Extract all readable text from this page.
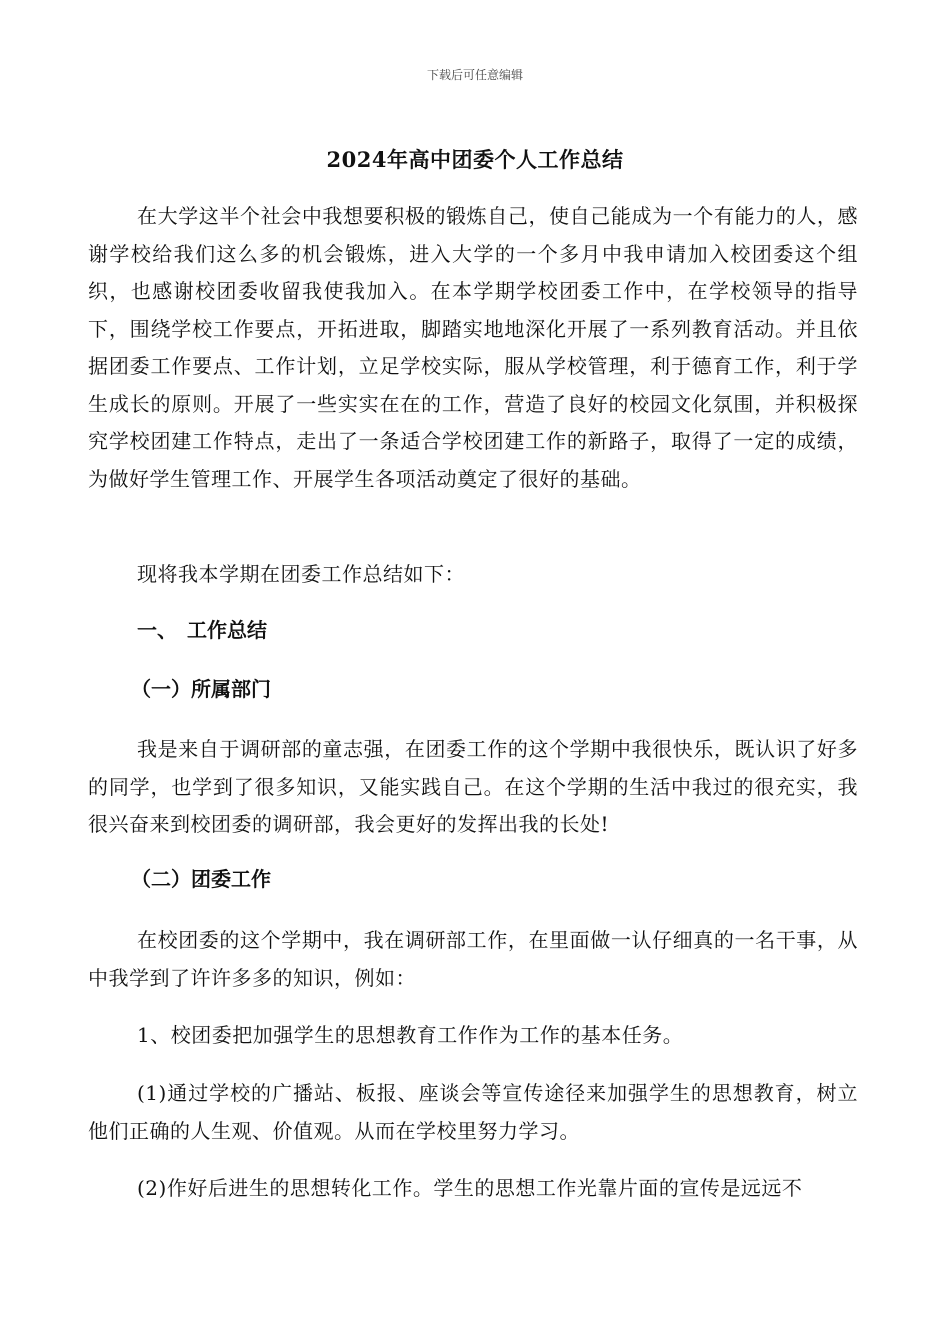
下载后可任意编辑
2024年高中团委个人工作总结

在大学这半个社会中我想要积极的锻炼自己，使自己能成为一个有能力的人，感谢学校给我们这么多的机会锻炼，进入大学的一个多月中我申请加入校团委这个组织，也感谢校团委收留我使我加入。在本学期学校团委工作中，在学校领导的指导下，围绕学校工作要点，开拓进取，脚踏实地地深化开展了一系列教育活动。并且依据团委工作要点、工作计划，立足学校实际，服从学校管理，利于德育工作，利于学生成长的原则。开展了一些实实在在的工作，营造了良好的校园文化氛围，并积极探究学校团建工作特点，走出了一条适合学校团建工作的新路子，取得了一定的成绩，为做好学生管理工作、开展学生各项活动奠定了很好的基础。

现将我本学期在团委工作总结如下：

一、 工作总结

（一）所属部门

我是来自于调研部的童志强，在团委工作的这个学期中我很快乐，既认识了好多的同学，也学到了很多知识，又能实践自己。在这个学期的生活中我过的很充实，我很兴奋来到校团委的调研部，我会更好的发挥出我的长处!

（二）团委工作

在校团委的这个学期中，我在调研部工作，在里面做一认仔细真的一名干事，从中我学到了许许多多的知识，例如：

1、校团委把加强学生的思想教育工作作为工作的基本任务。

(1)通过学校的广播站、板报、座谈会等宣传途径来加强学生的思想教育，树立他们正确的人生观、价值观。从而在学校里努力学习。

(2)作好后进生的思想转化工作。学生的思想工作光靠片面的宣传是远远不
